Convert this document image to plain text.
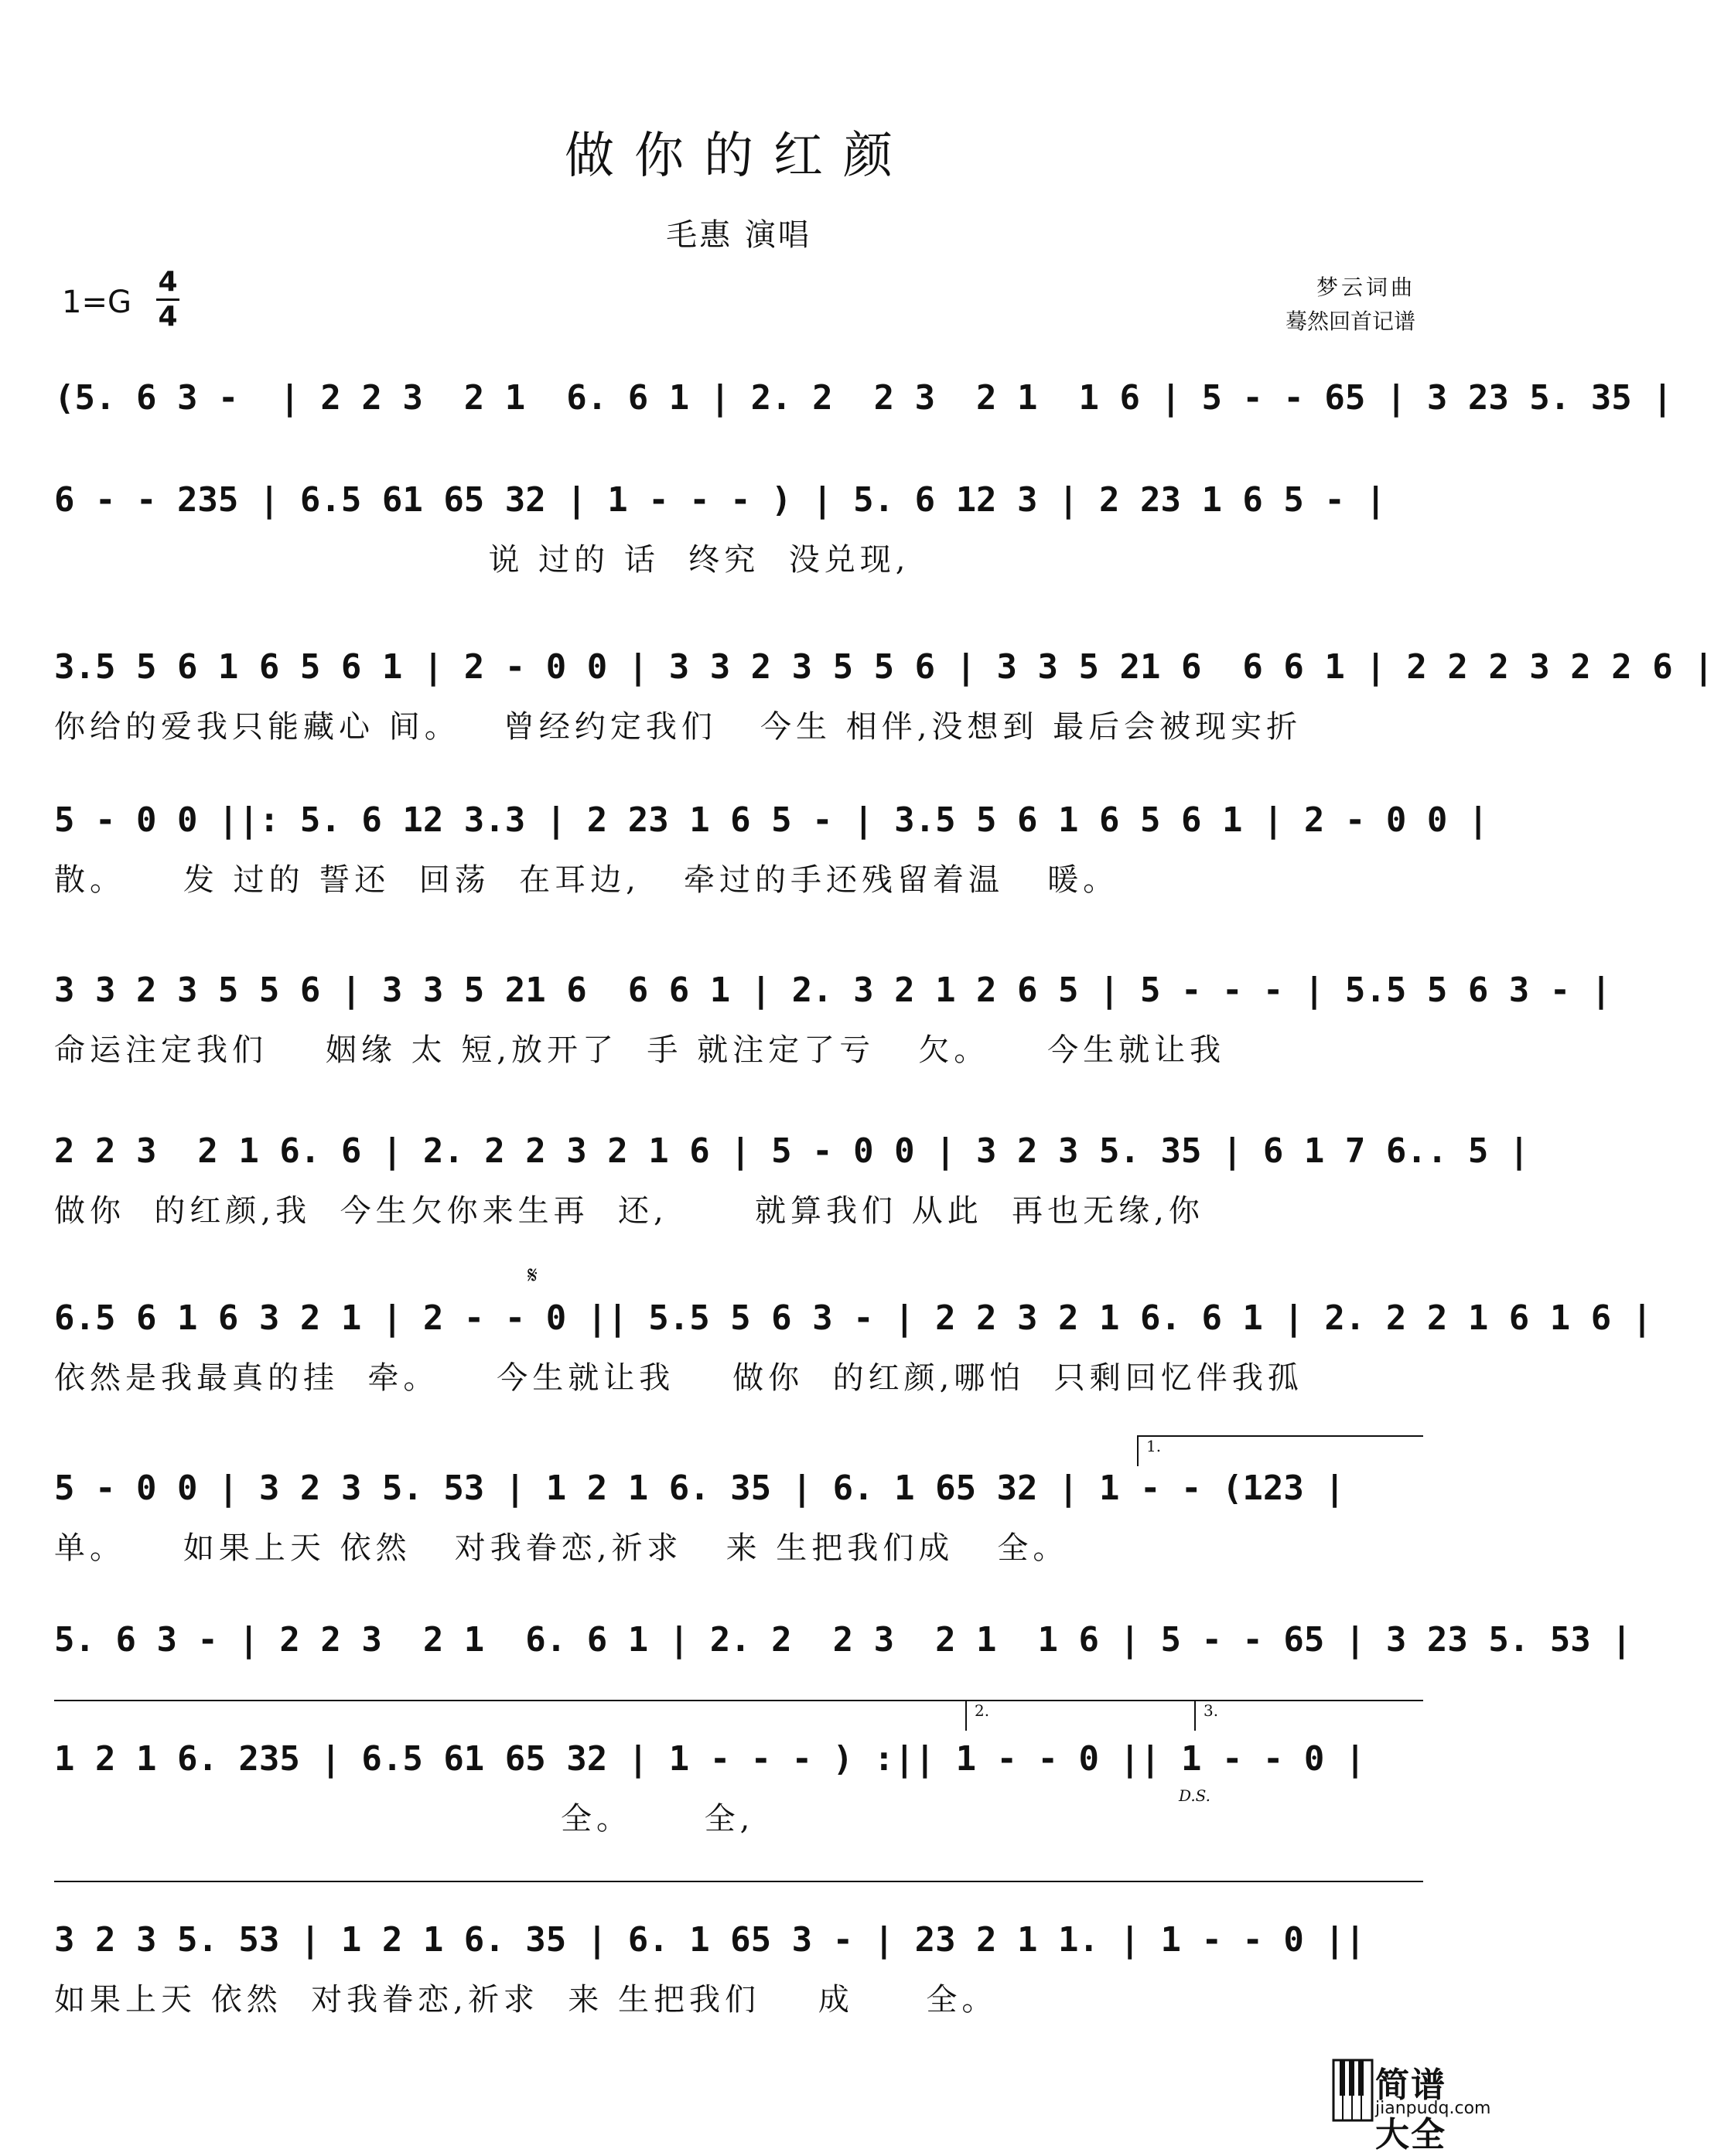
做你的红颜
毛惠 演唱
1=G
4
4
梦云词曲
蓦然回首记谱
(5. 6 3 -  | 2 2 3  2 1  6. 6 1 | 2. 2  2 3  2 1  1 6 | 5 - - 65 | 3 23 5. 35 |
6 - - 235 | 6.5 61 65 32 | 1 - - - ) | 5. 6 12 3 | 2 23 1 6 5 - |
说 过的 话  终究  没兑现,
3.5 5 6 1 6 5 6 1 | 2 - 0 0 | 3 3 2 3 5 5 6 | 3 3 5 21 6  6 6 1 | 2 2 2 3 2 2 6 |
你给的爱我只能藏心 间。   曾经约定我们   今生 相伴,没想到 最后会被现实折
5 - 0 0 ||: 5. 6 12 3.3 | 2 23 1 6 5 - | 3.5 5 6 1 6 5 6 1 | 2 - 0 0 |
散。    发 过的 誓还  回荡  在耳边,   牵过的手还残留着温   暖。
3 3 2 3 5 5 6 | 3 3 5 21 6  6 6 1 | 2. 3 2 1 2 6 5 | 5 - - - | 5.5 5 6 3 - |
命运注定我们    姻缘 太 短,放开了  手 就注定了亏   欠。    今生就让我
2 2 3  2 1 6. 6 | 2. 2 2 3 2 1 6 | 5 - 0 0 | 3 2 3 5. 35 | 6 1 7 6.. 5 |
做你  的红颜,我  今生欠你来生再  还,      就算我们 从此  再也无缘,你
6.5 6 1 6 3 2 1 | 2 - - 0 || 5.5 5 6 3 - | 2 2 3 2 1 6. 6 1 | 2. 2 2 1 6 1 6 |
依然是我最真的挂  牵。    今生就让我    做你  的红颜,哪怕  只剩回忆伴我孤
𝄋
5 - 0 0 | 3 2 3 5. 53 | 1 2 1 6. 35 | 6. 1 65 32 | 1 - - (123 |
单。    如果上天 依然   对我眷恋,祈求   来 生把我们成   全。
1.
5. 6 3 - | 2 2 3  2 1  6. 6 1 | 2. 2  2 3  2 1  1 6 | 5 - - 65 | 3 23 5. 53 |
1 2 1 6. 235 | 6.5 61 65 32 | 1 - - - ) :|| 1 - - 0 || 1 - - 0 |
全。     全,
2.	3.
D.S.
3 2 3 5. 53 | 1 2 1 6. 35 | 6. 1 65 3 - | 23 2 1 1. | 1 - - 0 ||
如果上天 依然  对我眷恋,祈求  来 生把我们    成     全。
简谱大全
jianpudq.com
